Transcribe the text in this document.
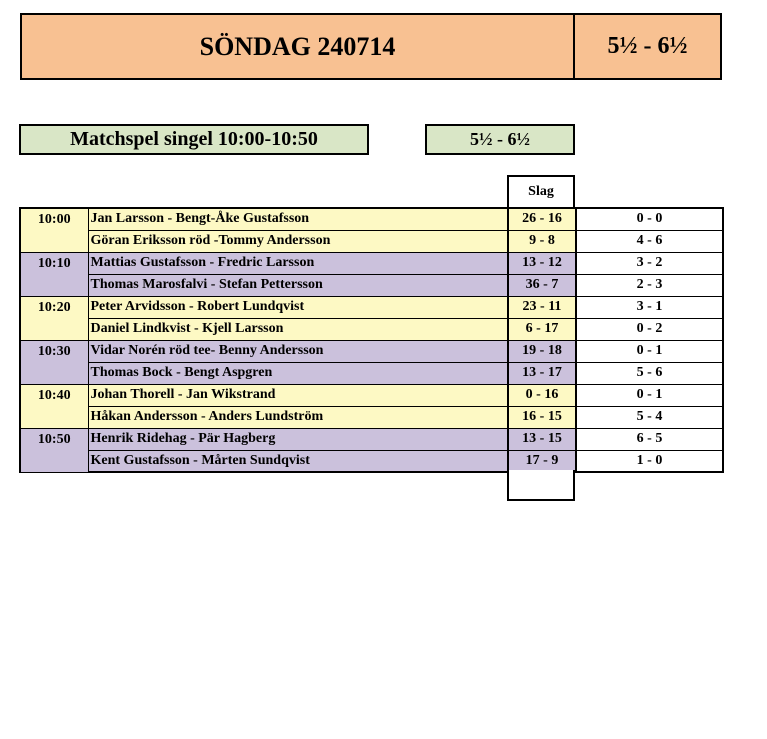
SÖNDAG 240714	5½ - 6½
Matchspel singel 10:00-10:50	5½ - 6½
Slag
10:00	Jan Larsson - Bengt-Åke Gustafsson	26 - 16	0 - 0
	Göran Eriksson röd -Tommy Andersson	9 - 8	4 - 6
10:10	Mattias Gustafsson - Fredric Larsson	13 - 12	3 - 2
	Thomas Marosfalvi - Stefan Pettersson	36 - 7	2 - 3
10:20	Peter Arvidsson - Robert Lundqvist	23 - 11	3 - 1
	Daniel Lindkvist - Kjell Larsson	6 - 17	0 - 2
10:30	Vidar Norén röd tee- Benny Andersson	19 - 18	0 - 1
	Thomas Bock - Bengt Aspgren	13 - 17	5 - 6
10:40	Johan Thorell - Jan Wikstrand	0 - 16	0 - 1
	Håkan Andersson - Anders Lundström	16 - 15	5 - 4
10:50	Henrik Ridehag - Pär Hagberg	13 - 15	6 - 5
	Kent Gustafsson - Mårten Sundqvist	17 - 9	1 - 0
